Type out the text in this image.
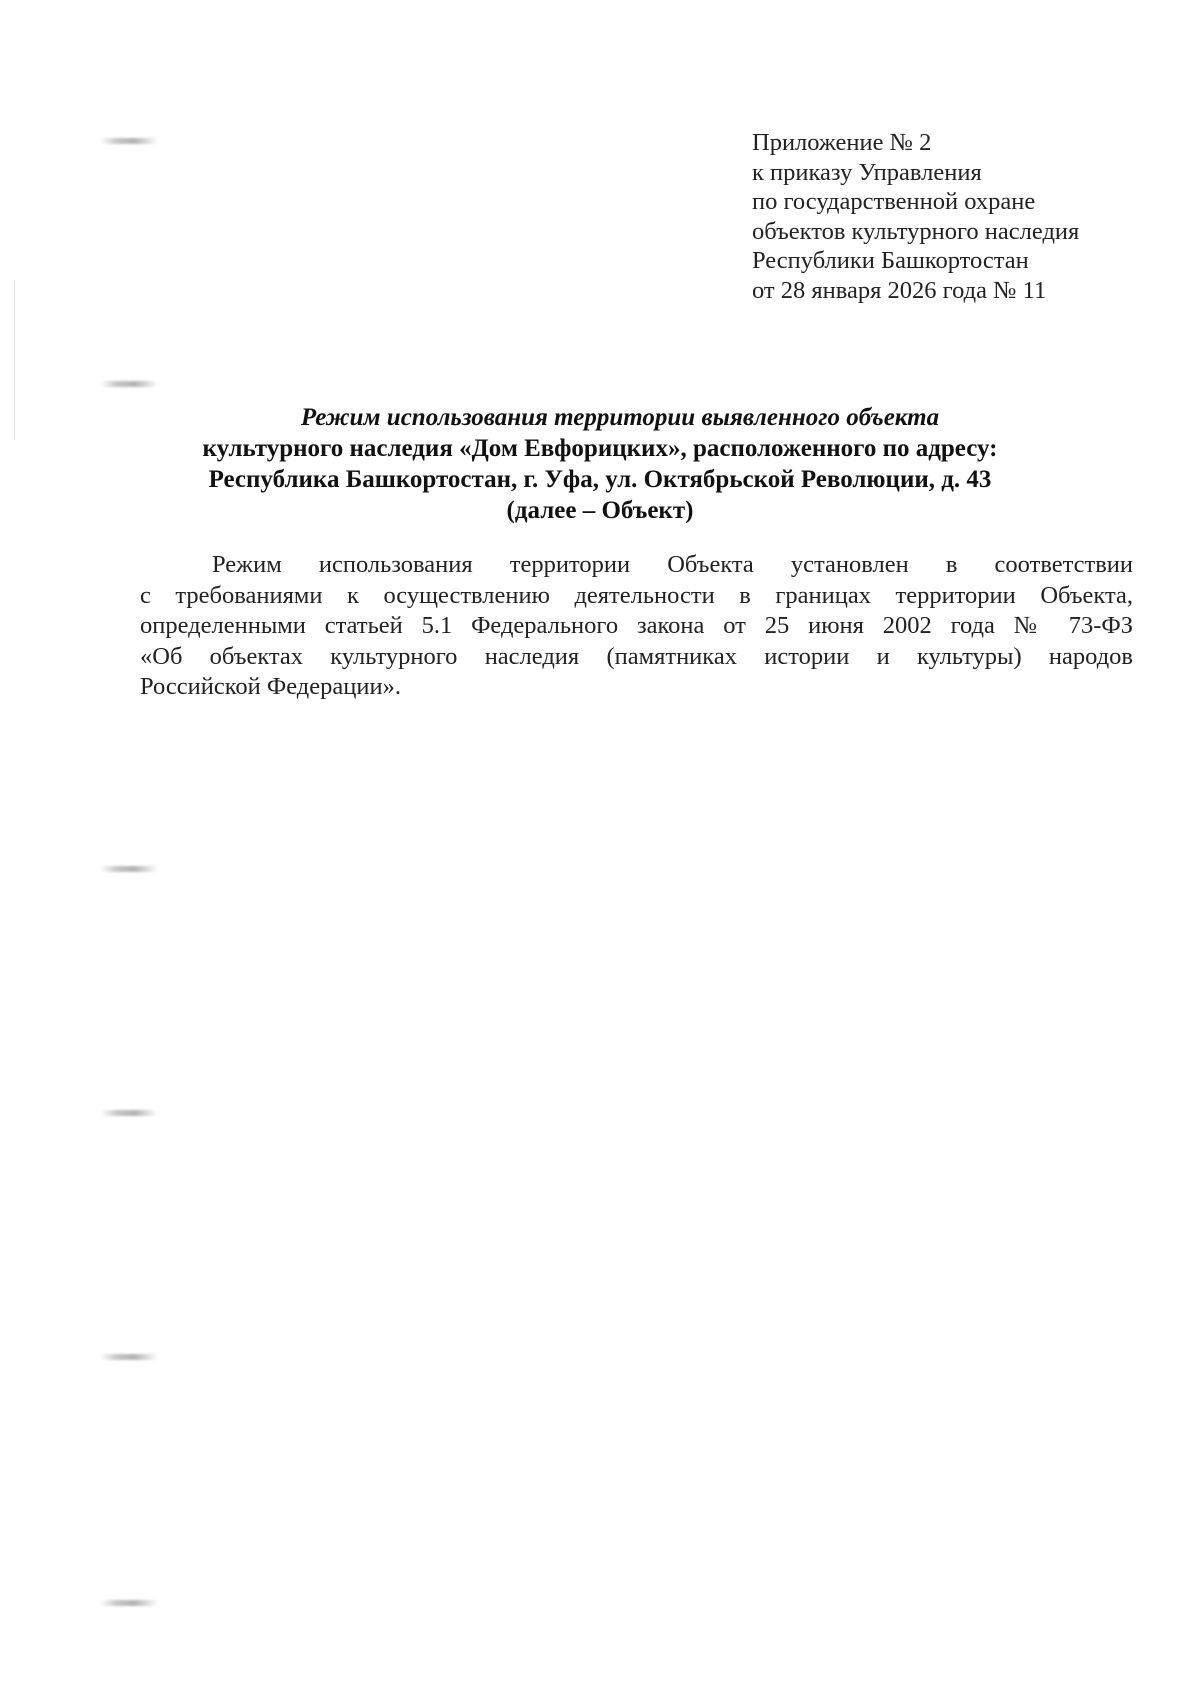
Приложение № 2
к приказу Управления
по государственной охране
объектов культурного наследия
Республики Башкортостан
от 28 января 2026 года № 11
Режим использования территории выявленного объекта
культурного наследия «Дом Евфорицких», расположенного по адресу:
Республика Башкортостан, г. Уфа, ул. Октябрьской Революции, д. 43
(далее – Объект)
Режим использования территории Объекта установлен в соответствии
с требованиями к осуществлению деятельности в границах территории Объекта,
определенными статьей 5.1 Федерального закона от 25 июня 2002 года № 73-ФЗ
«Об объектах культурного наследия (памятниках истории и культуры) народов
Российской Федерации».
